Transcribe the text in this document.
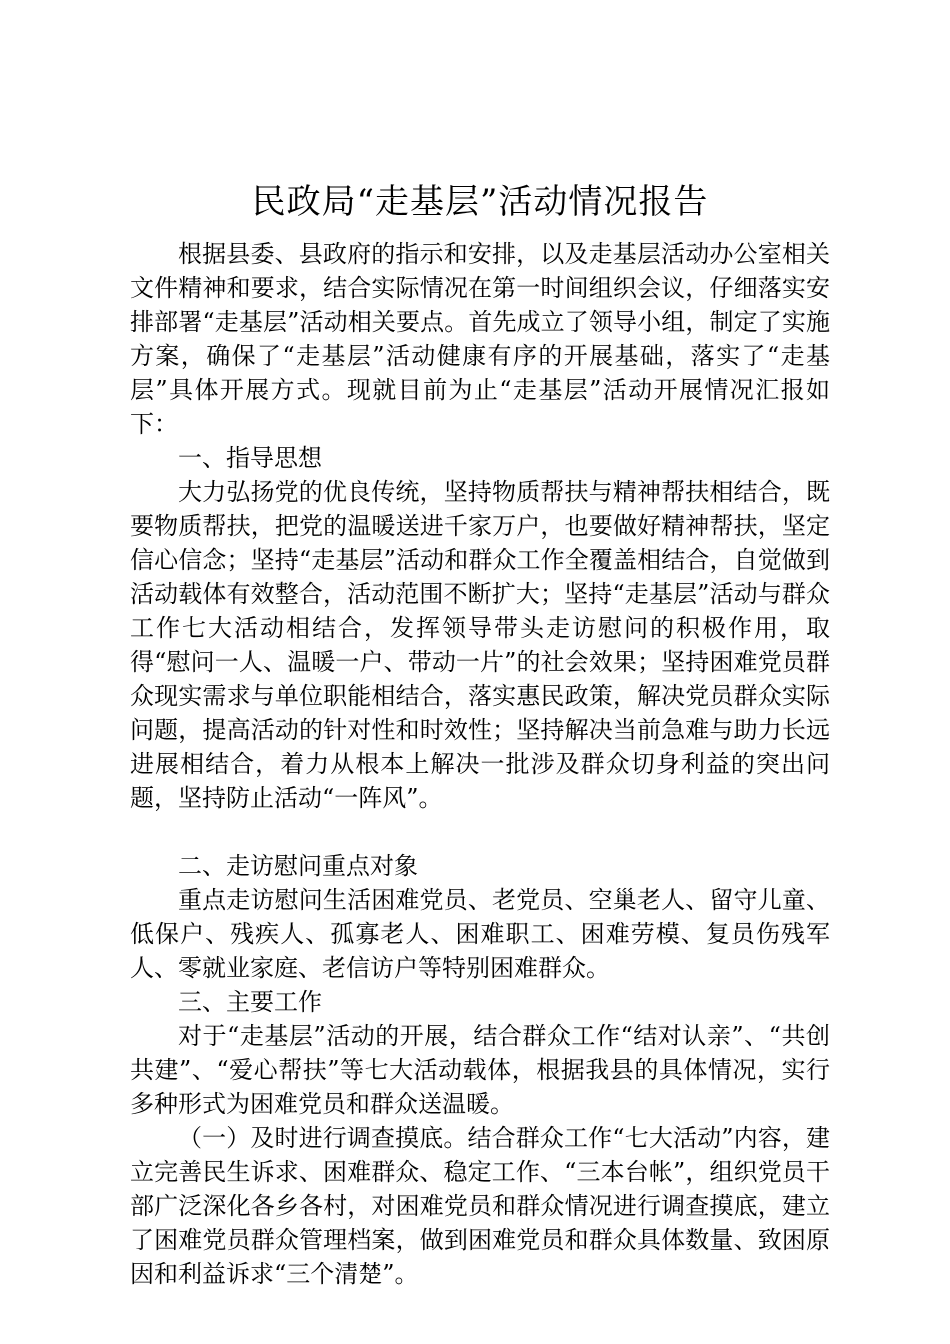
民政局“走基层”活动情况报告

根据县委、县政府的指示和安排，以及走基层活动办公室相关文件精神和要求，结合实际情况在第一时间组织会议，仔细落实安排部署“走基层”活动相关要点。首先成立了领导小组，制定了实施方案，确保了“走基层”活动健康有序的开展基础，落实了“走基层”具体开展方式。现就目前为止“走基层”活动开展情况汇报如下：

一、指导思想

大力弘扬党的优良传统，坚持物质帮扶与精神帮扶相结合，既要物质帮扶，把党的温暖送进千家万户，也要做好精神帮扶，坚定信心信念；坚持“走基层”活动和群众工作全覆盖相结合，自觉做到活动载体有效整合，活动范围不断扩大；坚持“走基层”活动与群众工作七大活动相结合，发挥领导带头走访慰问的积极作用，取得“慰问一人、温暖一户、带动一片”的社会效果；坚持困难党员群众现实需求与单位职能相结合，落实惠民政策，解决党员群众实际问题，提高活动的针对性和时效性；坚持解决当前急难与助力长远进展相结合，着力从根本上解决一批涉及群众切身利益的突出问题，坚持防止活动“一阵风”。

二、走访慰问重点对象

重点走访慰问生活困难党员、老党员、空巢老人、留守儿童、低保户、残疾人、孤寡老人、困难职工、困难劳模、复员伤残军人、零就业家庭、老信访户等特别困难群众。

三、主要工作

对于“走基层”活动的开展，结合群众工作“结对认亲”、“共创共建”、“爱心帮扶”等七大活动载体，根据我县的具体情况，实行多种形式为困难党员和群众送温暖。

（一）及时进行调查摸底。结合群众工作“七大活动”内容，建立完善民生诉求、困难群众、稳定工作、“三本台帐”，组织党员干部广泛深化各乡各村，对困难党员和群众情况进行调查摸底，建立了困难党员群众管理档案，做到困难党员和群众具体数量、致困原因和利益诉求“三个清楚”。
